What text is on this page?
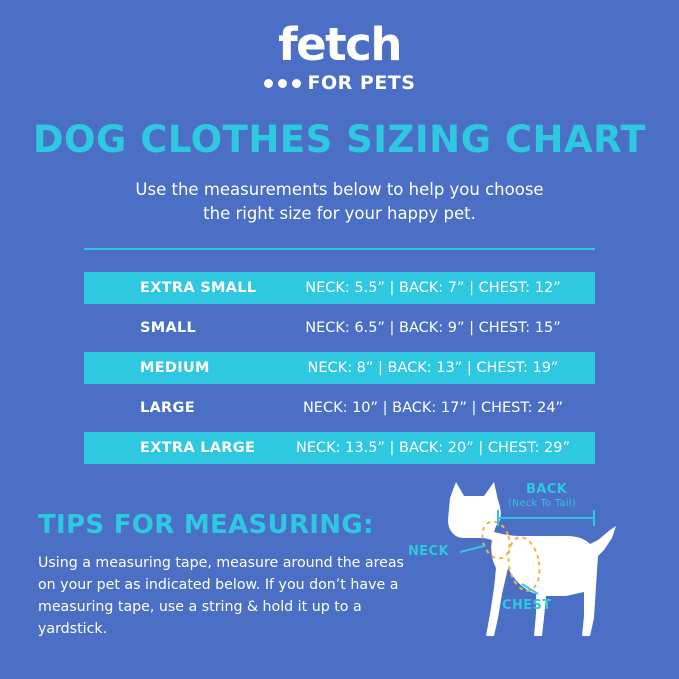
fetch
FOR PETS
DOG CLOTHES SIZING CHART
Use the measurements below to help you choose
the right size for your happy pet.
EXTRA SMALL	NECK: 5.5” | BACK: 7” | CHEST: 12”
SMALL	NECK: 6.5” | BACK: 9” | CHEST: 15”
MEDIUM	NECK: 8” | BACK: 13” | CHEST: 19”
LARGE	NECK: 10” | BACK: 17” | CHEST: 24”
EXTRA LARGE	NECK: 13.5” | BACK: 20” | CHEST: 29”
TIPS FOR MEASURING:
Using a measuring tape, measure around the areas on your pet as indicated below. If you don’t have a measuring tape, use a string & hold it up to a yardstick.
BACK
(Neck To Tail)
NECK
CHEST
